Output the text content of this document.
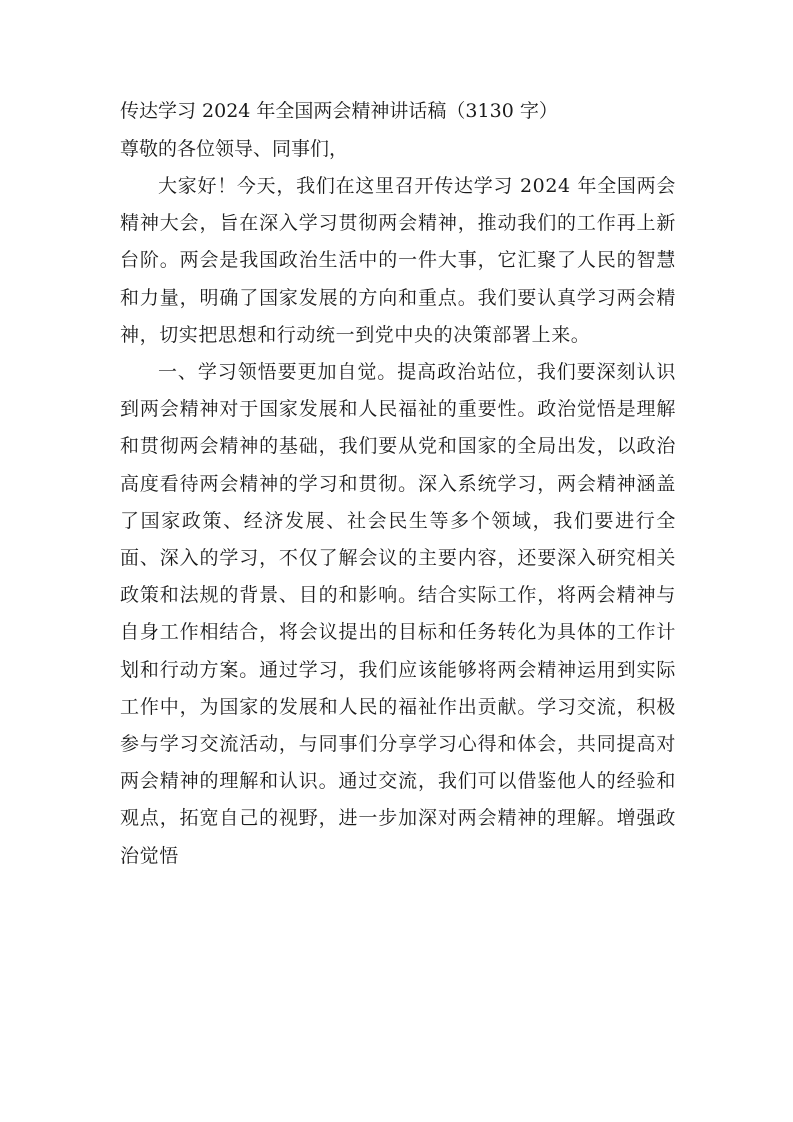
传达学习 2024 年全国两会精神讲话稿（3130 字）
尊敬的各位领导、同事们，

大家好！今天，我们在这里召开传达学习 2024 年全国两会精神大会，旨在深入学习贯彻两会精神，推动我们的工作再上新台阶。两会是我国政治生活中的一件大事，它汇聚了人民的智慧和力量，明确了国家发展的方向和重点。我们要认真学习两会精神，切实把思想和行动统一到党中央的决策部署上来。

一、学习领悟要更加自觉。提高政治站位，我们要深刻认识到两会精神对于国家发展和人民福祉的重要性。政治觉悟是理解和贯彻两会精神的基础，我们要从党和国家的全局出发，以政治高度看待两会精神的学习和贯彻。深入系统学习，两会精神涵盖了国家政策、经济发展、社会民生等多个领域，我们要进行全面、深入的学习，不仅了解会议的主要内容，还要深入研究相关政策和法规的背景、目的和影响。结合实际工作，将两会精神与自身工作相结合，将会议提出的目标和任务转化为具体的工作计划和行动方案。通过学习，我们应该能够将两会精神运用到实际工作中，为国家的发展和人民的福祉作出贡献。学习交流，积极参与学习交流活动，与同事们分享学习心得和体会，共同提高对两会精神的理解和认识。通过交流，我们可以借鉴他人的经验和观点，拓宽自己的视野，进一步加深对两会精神的理解。增强政治觉悟
